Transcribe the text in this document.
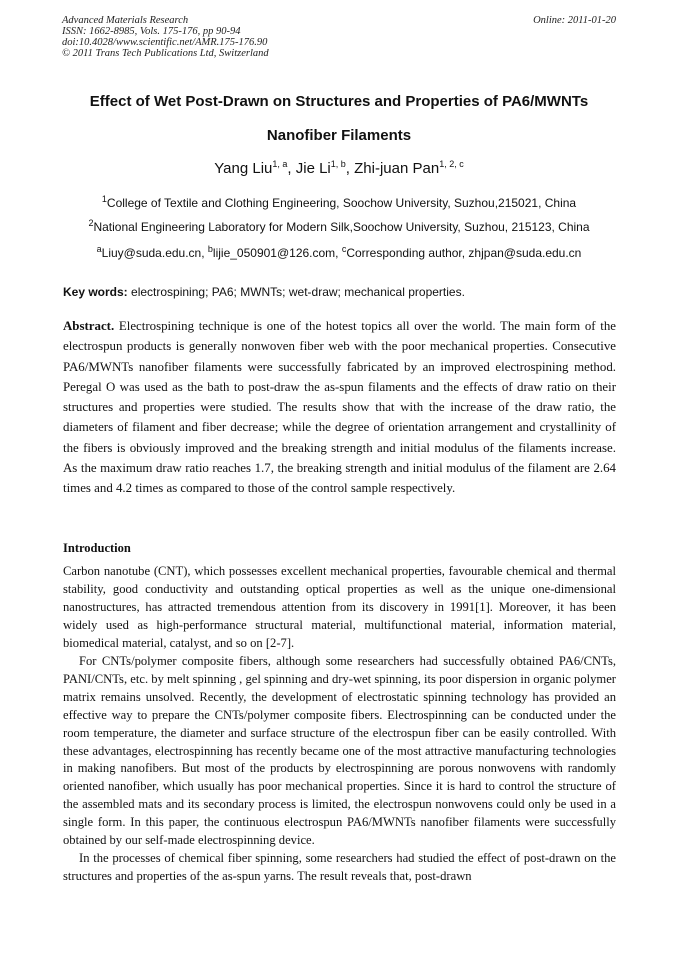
Advanced Materials Research
ISSN: 1662-8985, Vols. 175-176, pp 90-94
doi:10.4028/www.scientific.net/AMR.175-176.90
© 2011 Trans Tech Publications Ltd, Switzerland
Online: 2011-01-20
Effect of Wet Post-Drawn on Structures and Properties of PA6/MWNTs
Nanofiber Filaments
Yang Liu$^{1, a}$, Jie Li$^{1, b}$, Zhi-juan Pan$^{1, 2, c}$
$^1$College of Textile and Clothing Engineering, Soochow University, Suzhou,215021, China
$^2$National Engineering Laboratory for Modern Silk,Soochow University, Suzhou, 215123, China
$^a$Liuy@suda.edu.cn, $^b$lijie_050901@126.com, $^c$Corresponding author, zhjpan@suda.edu.cn
Key words: electrospining; PA6; MWNTs; wet-draw; mechanical properties.

Abstract. Electrospining technique is one of the hotest topics all over the world. The main form of the electrospun products is generally nonwoven fiber web with the poor mechanical properties. Consecutive PA6/MWNTs nanofiber filaments were successfully fabricated by an improved electrospining method. Peregal O was used as the bath to post-draw the as-spun filaments and the effects of draw ratio on their structures and properties were studied. The results show that with the increase of the draw ratio, the diameters of filament and fiber decrease; while the degree of orientation arrangement and crystallinity of the fibers is obviously improved and the breaking strength and initial modulus of the filaments increase. As the maximum draw ratio reaches 1.7, the breaking strength and initial modulus of the filament are 2.64 times and 4.2 times as compared to those of the control sample respectively.

Introduction

Carbon nanotube (CNT), which possesses excellent mechanical properties, favourable chemical and thermal stability, good conductivity and outstanding optical properties as well as the unique one-dimensional nanostructures, has attracted tremendous attention from its discovery in 1991[1]. Moreover, it has been widely used as high-performance structural material, multifunctional material, information material, biomedical material, catalyst, and so on [2-7].

For CNTs/polymer composite fibers, although some researchers had successfully obtained PA6/CNTs, PANI/CNTs, etc. by melt spinning , gel spinning and dry-wet spinning, its poor dispersion in organic polymer matrix remains unsolved. Recently, the development of electrostatic spinning technology has provided an effective way to prepare the CNTs/polymer composite fibers. Electrospinning can be conducted under the room temperature, the diameter and surface structure of the electrospun fiber can be easily controlled. With these advantages, electrospinning has recently became one of the most attractive manufacturing technologies in making nanofibers. But most of the products by electrospinning are porous nonwovens with randomly oriented nanofiber, which usually has poor mechanical properties. Since it is hard to control the structure of the assembled mats and its secondary process is limited, the electrospun nonwovens could only be used in a single form. In this paper, the continuous electrospun PA6/MWNTs nanofiber filaments were successfully obtained by our self-made electrospinning device.

In the processes of chemical fiber spinning, some researchers had studied the effect of post-drawn on the structures and properties of the as-spun yarns. The result reveals that, post-drawn
